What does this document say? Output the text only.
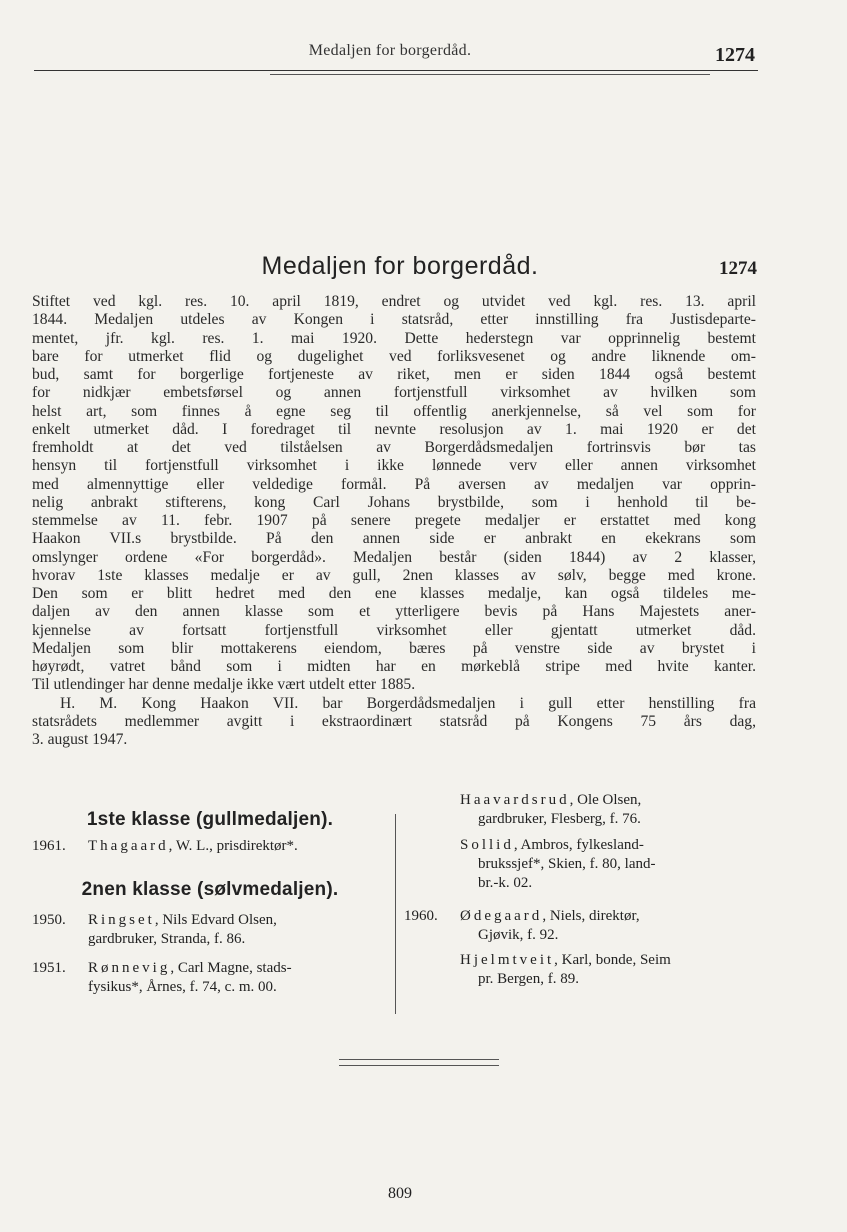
Medaljen for borgerdåd.	1274
Medaljen for borgerdåd.	1274

Stiftet ved kgl. res. 10. april 1819, endret og utvidet ved kgl. res. 13. april

1844. Medaljen utdeles av Kongen i statsråd, etter innstilling fra Justisdeparte-

mentet, jfr. kgl. res. 1. mai 1920. Dette hederstegn var opprinnelig bestemt

bare for utmerket flid og dugelighet ved forliksvesenet og andre liknende om-

bud, samt for borgerlige fortjeneste av riket, men er siden 1844 også bestemt

for nidkjær embetsførsel og annen fortjenstfull virksomhet av hvilken som

helst art, som finnes å egne seg til offentlig anerkjennelse, så vel som for

enkelt utmerket dåd. I foredraget til nevnte resolusjon av 1. mai 1920 er det

fremholdt at det ved tilståelsen av Borgerdådsmedaljen fortrinsvis bør tas

hensyn til fortjenstfull virksomhet i ikke lønnede verv eller annen virksomhet

med almennyttige eller veldedige formål. På aversen av medaljen var opprin-

nelig anbrakt stifterens, kong Carl Johans brystbilde, som i henhold til be-

stemmelse av 11. febr. 1907 på senere pregete medaljer er erstattet med kong

Haakon VII.s brystbilde. På den annen side er anbrakt en ekekrans som

omslynger ordene «For borgerdåd». Medaljen består (siden 1844) av 2 klasser,

hvorav 1ste klasses medalje er av gull, 2nen klasses av sølv, begge med krone.

Den som er blitt hedret med den ene klasses medalje, kan også tildeles me-

daljen av den annen klasse som et ytterligere bevis på Hans Majestets aner-

kjennelse av fortsatt fortjenstfull virksomhet eller gjentatt utmerket dåd.

Medaljen som blir mottakerens eiendom, bæres på venstre side av brystet i

høyrødt, vatret bånd som i midten har en mørkeblå stripe med hvite kanter.

Til utlendinger har denne medalje ikke vært utdelt etter 1885.

H. M. Kong Haakon VII. bar Borgerdådsmedaljen i gull etter henstilling fra

statsrådets medlemmer avgitt i ekstraordinært statsråd på Kongens 75 års dag,

3. august 1947.

1ste klasse (gullmedaljen).
1961.	Thagaard, W. L., prisdirektør*.
2nen klasse (sølvmedaljen).
1950.	Ringset, Nils Edvard Olsen,
gardbruker, Stranda, f. 86.
1951.	Rønnevig, Carl Magne, stads-
fysikus*, Årnes, f. 74, c. m. 00.
Haavardsrud, Ole Olsen,
gardbruker, Flesberg, f. 76.
Sollid, Ambros, fylkesland-
brukssjef*, Skien, f. 80, land-
br.-k. 02.
1960.	Ødegaard, Niels, direktør,
Gjøvik, f. 92.
Hjelmtveit, Karl, bonde, Seim
pr. Bergen, f. 89.
809
